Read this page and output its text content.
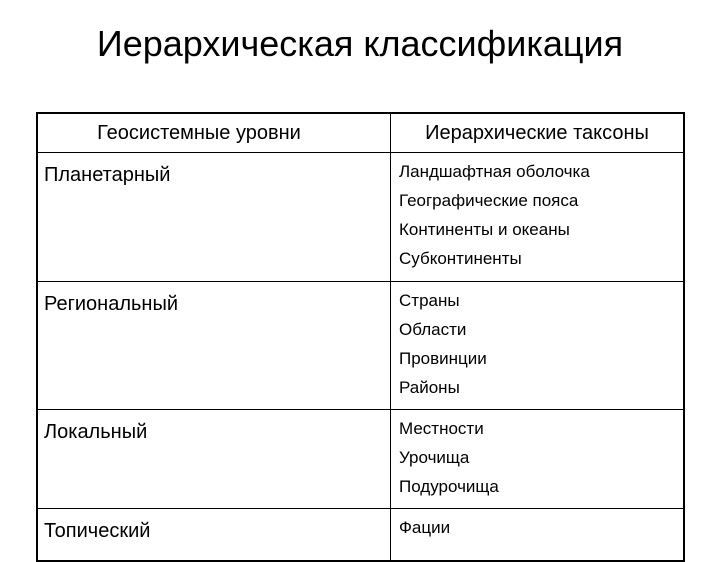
Иерархическая классификация
Геосистемные уровни	Иерархические таксоны
Планетарный	Ландшафтная оболочка
Географические пояса
Континенты и океаны
Субконтиненты

Региональный	Страны
Области
Провинции
Районы

Локальный	Местности
Урочища
Подурочища

Топический	Фации
